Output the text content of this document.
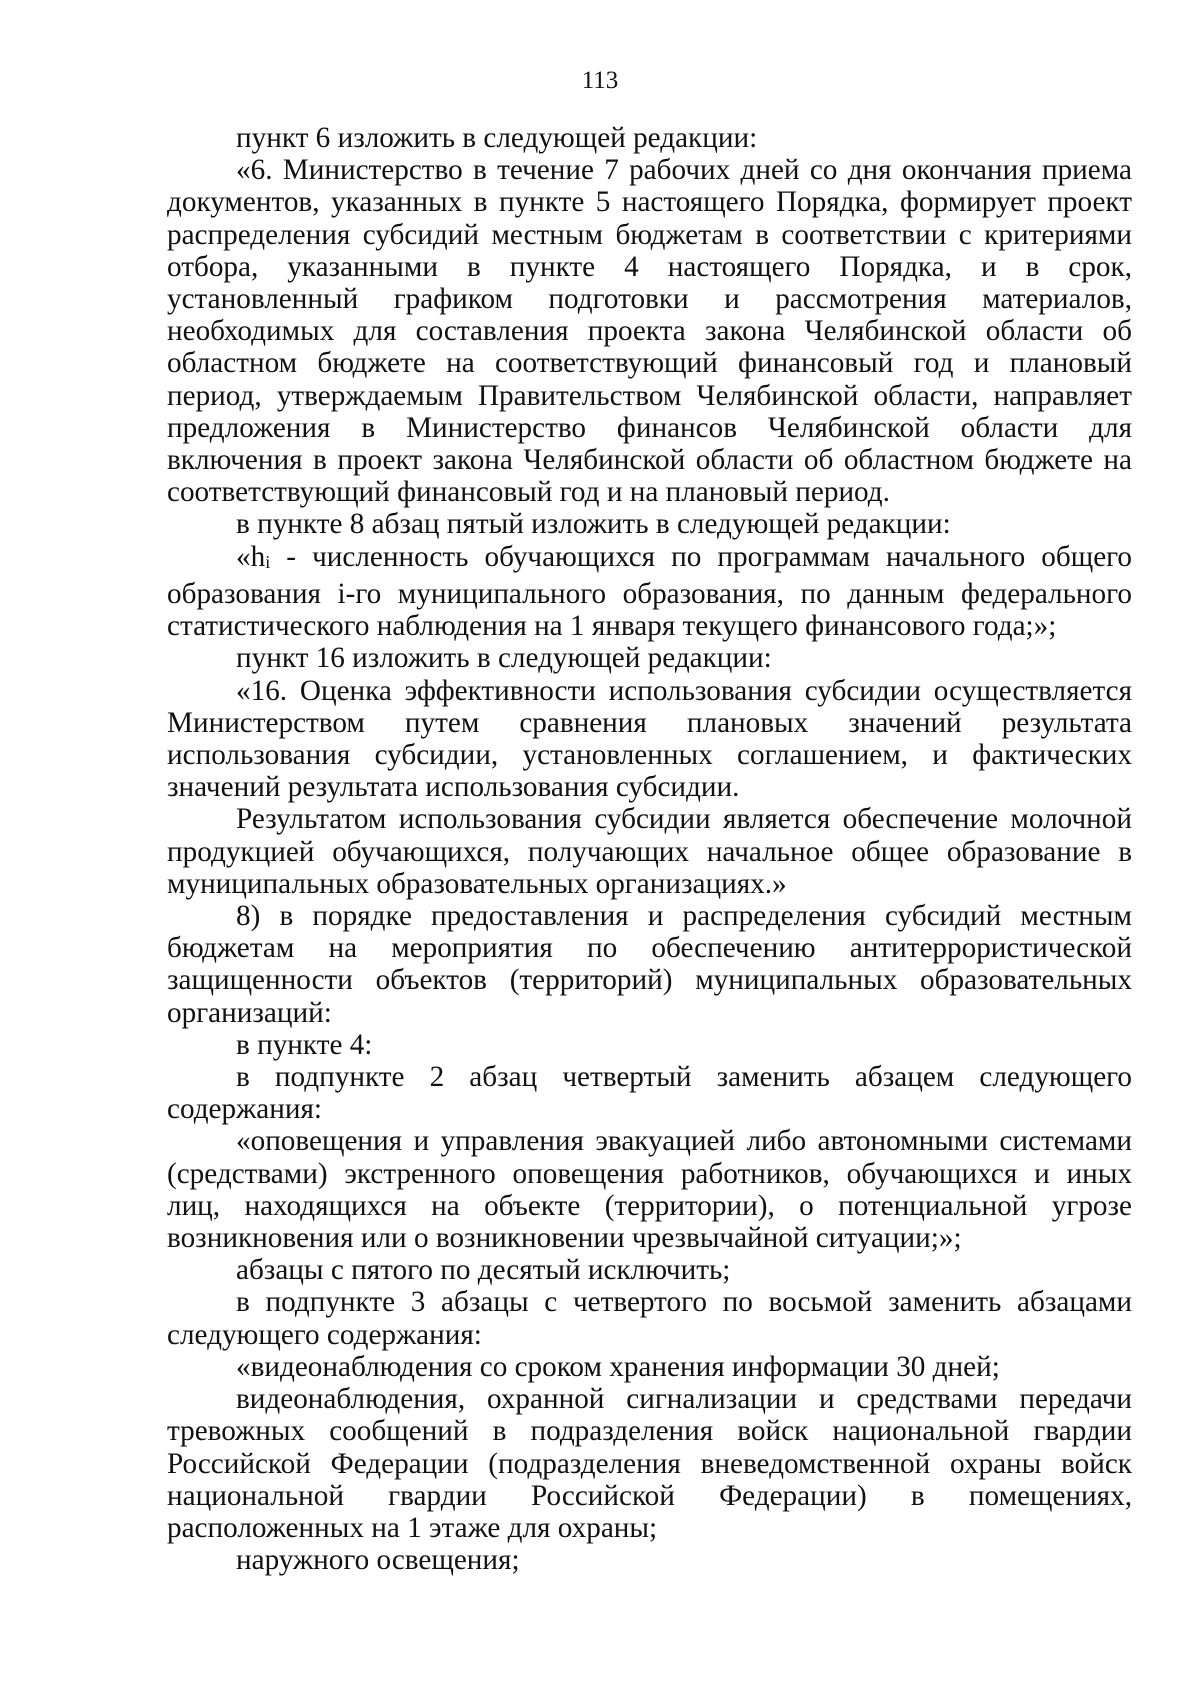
113

пункт 6 изложить в следующей редакции:

«6. Министерство в течение 7 рабочих дней со дня окончания приема документов, указанных в пункте 5 настоящего Порядка, формирует проект распределения субсидий местным бюджетам в соответствии с критериями отбора, указанными в пункте 4 настоящего Порядка, и в срок, установленный графиком подготовки и рассмотрения материалов, необходимых для составления проекта закона Челябинской области об областном бюджете на соответствующий финансовый год и плановый период, утверждаемым Правительством Челябинской области, направляет предложения в Министерство финансов Челябинской области для включения в проект закона Челябинской области об областном бюджете на соответствующий финансовый год и на плановый период.

в пункте 8 абзац пятый изложить в следующей редакции:

«hi - численность обучающихся по программам начального общего образования i-го муниципального образования, по данным федерального статистического наблюдения на 1 января текущего финансового года;»;

пункт 16 изложить в следующей редакции:

«16. Оценка эффективности использования субсидии осуществляется Министерством путем сравнения плановых значений результата использования субсидии, установленных соглашением, и фактических значений результата использования субсидии.

Результатом использования субсидии является обеспечение молочной продукцией обучающихся, получающих начальное общее образование в муниципальных образовательных организациях.»

8) в порядке предоставления и распределения субсидий местным бюджетам на мероприятия по обеспечению антитеррористической защищенности объектов (территорий) муниципальных образовательных организаций:

в пункте 4:

в подпункте 2 абзац четвертый заменить абзацем следующего содержания:

«оповещения и управления эвакуацией либо автономными системами (средствами) экстренного оповещения работников, обучающихся и иных лиц, находящихся на объекте (территории), о потенциальной угрозе возникновения или о возникновении чрезвычайной ситуации;»;

абзацы с пятого по десятый исключить;

в подпункте 3 абзацы с четвертого по восьмой заменить абзацами следующего содержания:

«видеонаблюдения со сроком хранения информации 30 дней;

видеонаблюдения, охранной сигнализации и средствами передачи тревожных сообщений в подразделения войск национальной гвардии Российской Федерации (подразделения вневедомственной охраны войск национальной гвардии Российской Федерации) в помещениях, расположенных на 1 этаже для охраны;

наружного освещения;
